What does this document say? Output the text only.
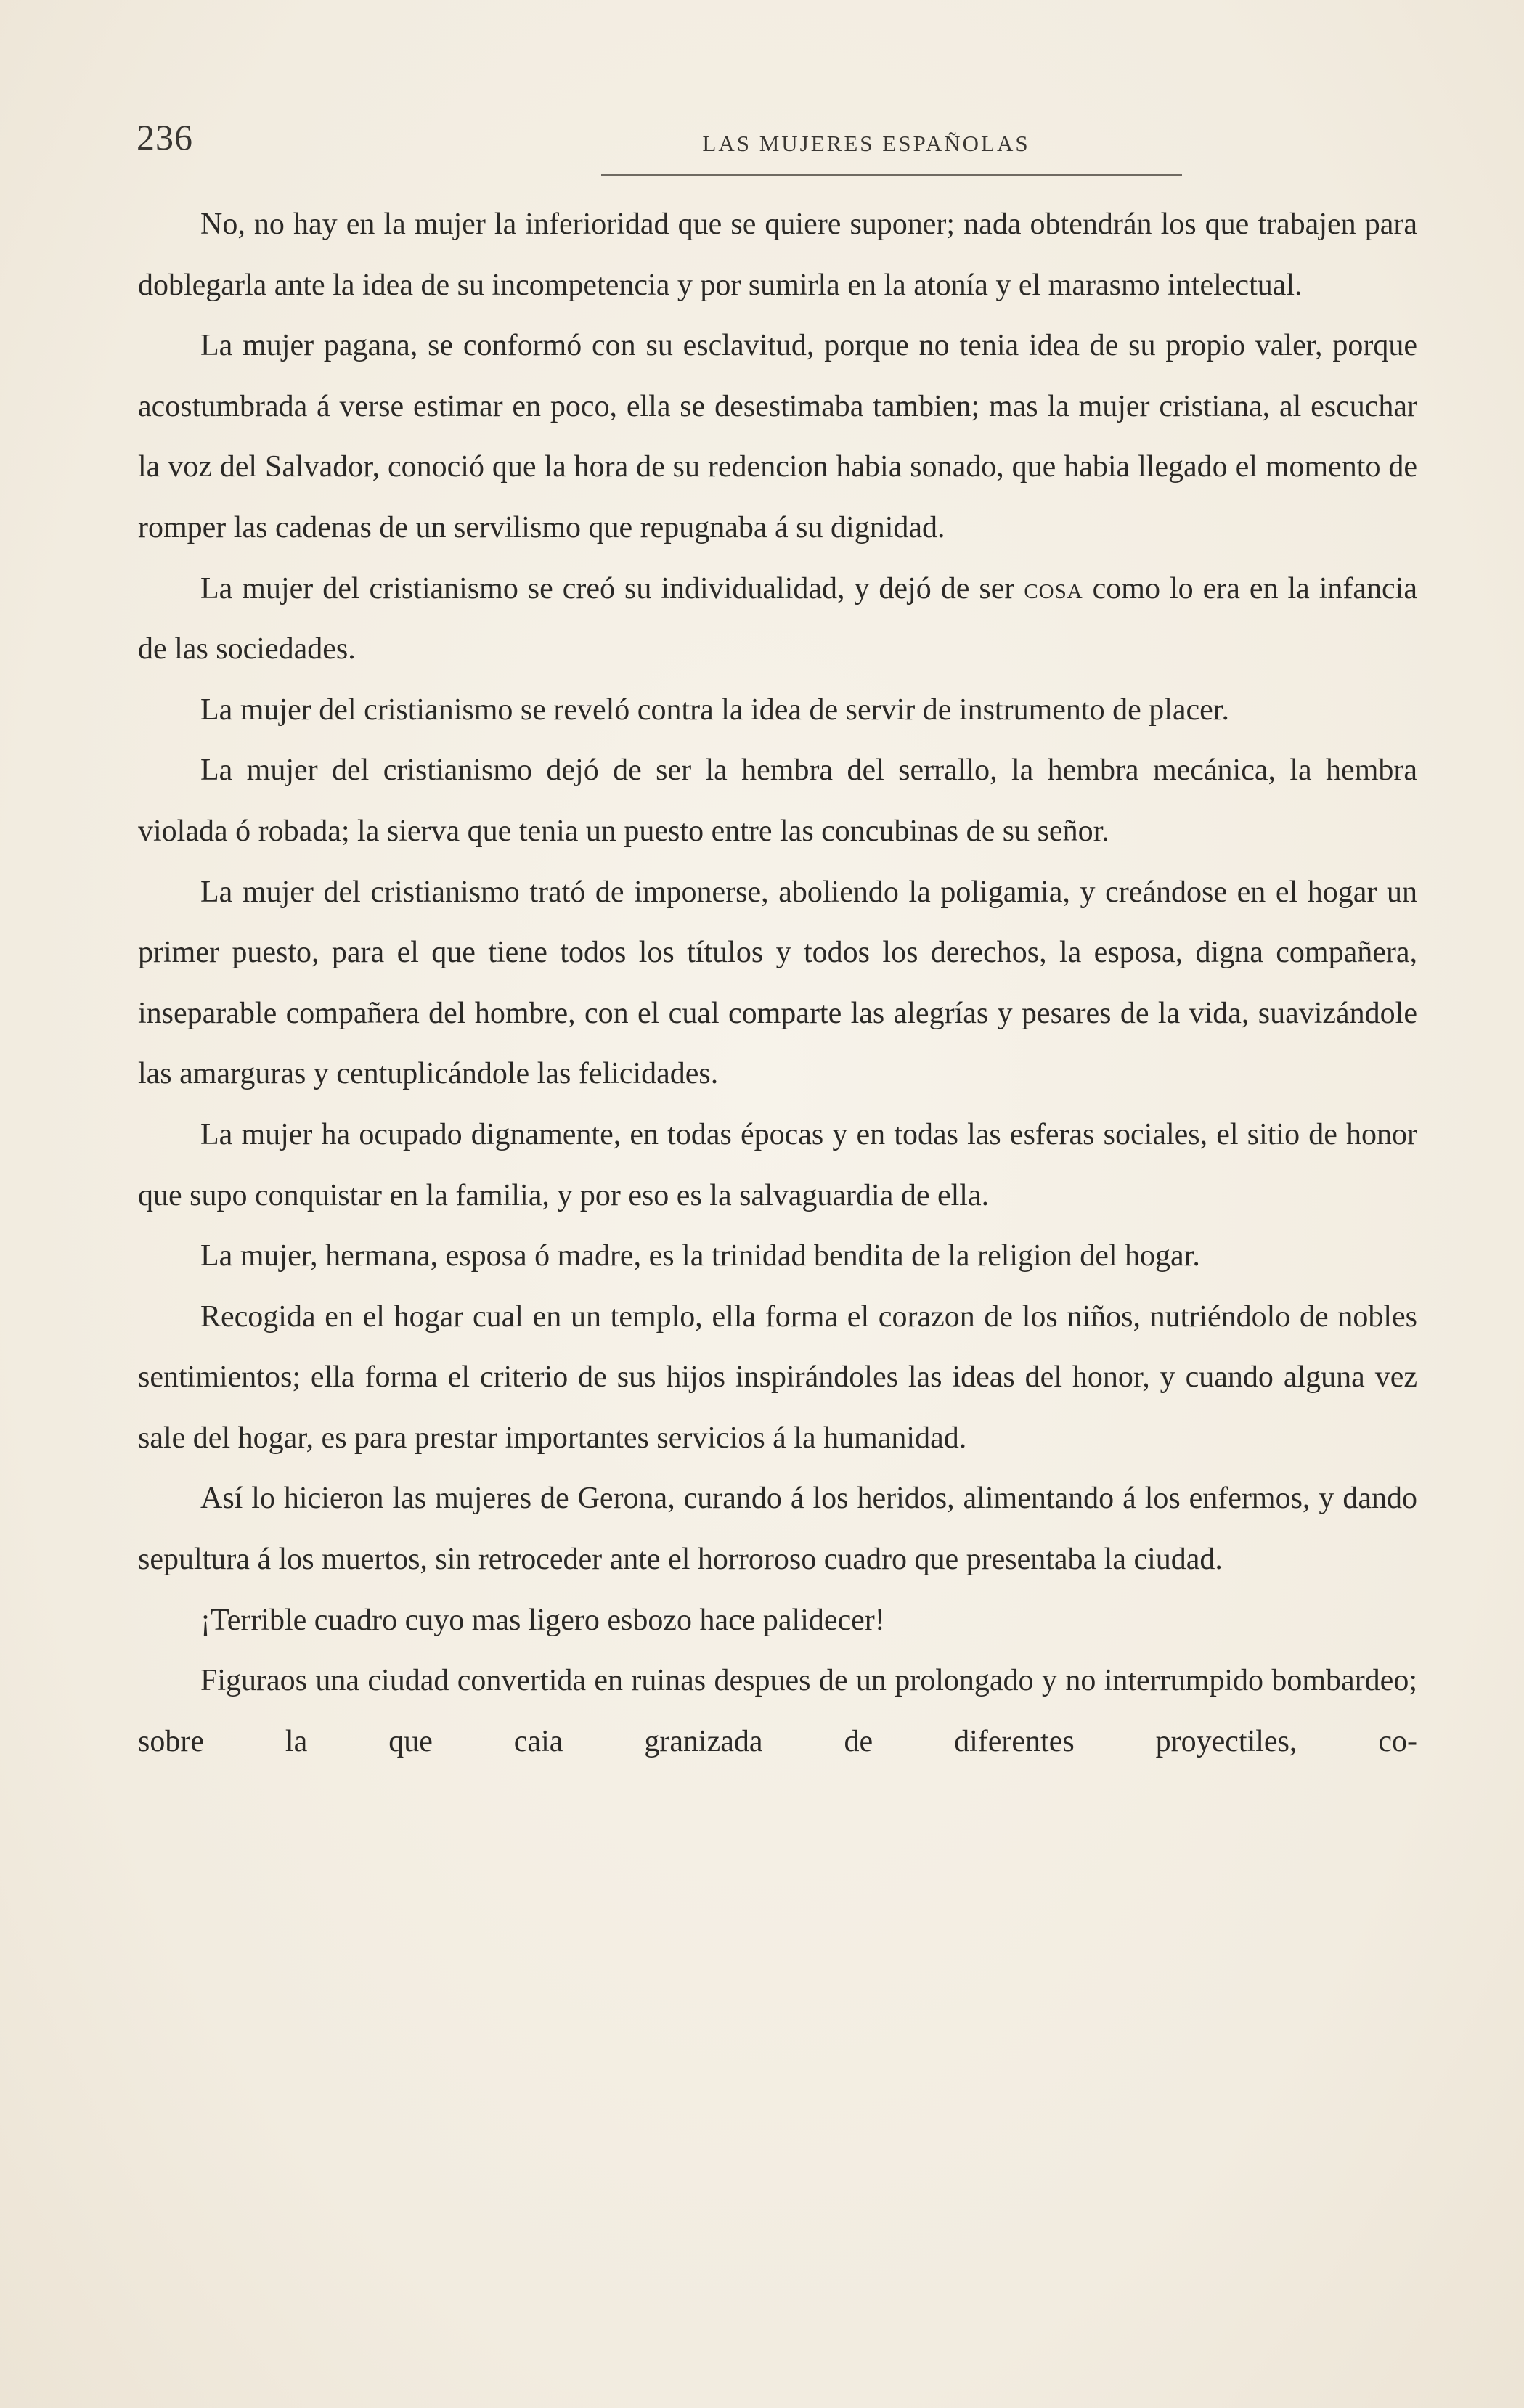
236	LAS MUJERES ESPAÑOLAS

No, no hay en la mujer la inferioridad que se quiere suponer; nada obtendrán los que trabajen para doblegarla ante la idea de su incompetencia y por sumirla en la atonía y el marasmo intelectual.

La mujer pagana, se conformó con su esclavitud, porque no tenia idea de su propio valer, porque acostumbrada á verse estimar en poco, ella se desestimaba tambien; mas la mujer cristiana, al escuchar la voz del Salvador, conoció que la hora de su redencion habia sonado, que habia llegado el momento de romper las cadenas de un servilismo que repugnaba á su dignidad.

La mujer del cristianismo se creó su individualidad, y dejó de ser cosa como lo era en la infancia de las sociedades.

La mujer del cristianismo se reveló contra la idea de servir de instrumento de placer.

La mujer del cristianismo dejó de ser la hembra del serrallo, la hembra mecánica, la hembra violada ó robada; la sierva que tenia un puesto entre las concubinas de su señor.

La mujer del cristianismo trató de imponerse, aboliendo la poligamia, y creándose en el hogar un primer puesto, para el que tiene todos los títulos y todos los derechos, la esposa, digna compañera, inseparable compañera del hombre, con el cual comparte las alegrías y pesares de la vida, suavizándole las amarguras y centuplicándole las felicidades.

La mujer ha ocupado dignamente, en todas épocas y en todas las esferas sociales, el sitio de honor que supo conquistar en la familia, y por eso es la salvaguardia de ella.

La mujer, hermana, esposa ó madre, es la trinidad bendita de la religion del hogar.

Recogida en el hogar cual en un templo, ella forma el corazon de los niños, nutriéndolo de nobles sentimientos; ella forma el criterio de sus hijos inspirándoles las ideas del honor, y cuando alguna vez sale del hogar, es para prestar importantes servicios á la humanidad.

Así lo hicieron las mujeres de Gerona, curando á los heridos, alimentando á los enfermos, y dando sepultura á los muertos, sin retroceder ante el horroroso cuadro que presentaba la ciudad.

¡Terrible cuadro cuyo mas ligero esbozo hace palidecer!

Figuraos una ciudad convertida en ruinas despues de un prolongado y no interrumpido bombardeo; sobre la que caia granizada de diferentes proyectiles, co-
